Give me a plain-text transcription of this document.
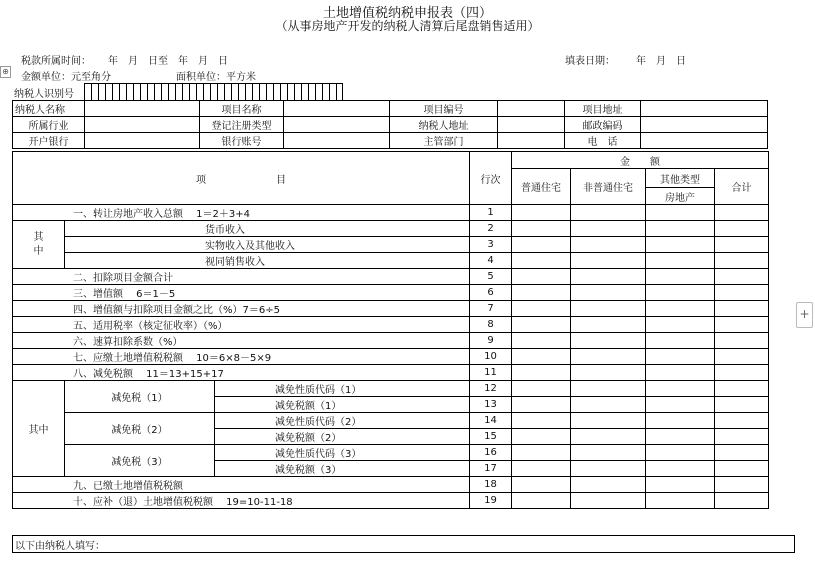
土地增值税纳税申报表（四）
（从事房地产开发的纳税人清算后尾盘销售适用）
税款所属时间： 年　月　日至　年　月　日	填表日期： 年　月　日
金额单位：元至角分	面积单位：平方米
纳税人识别号
⊕
纳税人名称		项目名称		项目编号		项目地址	
所属行业		登记注册类型		纳税人地址		邮政编码	
开户银行		银行账号		主管部门		电　话	
项　　　　　　　目			行次	金　　额			
				普通住宅	非普通住宅	其他类型	合计
						房地产	
一、转让房地产收入总额　 1＝2＋3+4			1				
其
中	货币收入		2				
	实物收入及其他收入		3				
	视同销售收入		4				
二、扣除项目金额合计			5				
三、增值额　 6＝1－5			6				
四、增值额与扣除项目金额之比（%）7＝6÷5			7				
五、适用税率（核定征收率）（%）			8				
六、速算扣除系数（%）			9				
七、应缴土地增值税税额　 10＝6×8－5×9			10				
八、减免税额　 11＝13+15+17			11				
其中	减免税（1）	减免性质代码（1）	12				
		减免税额（1）	13				
	减免税（2）	减免性质代码（2）	14				
		减免税额（2）	15				
	减免税（3）	减免性质代码（3）	16				
		减免税额（3）	17				
九、已缴土地增值税税额			18				
十、应补（退）土地增值税税额　 19=10-11-18			19				
以下由纳税人填写：
+
